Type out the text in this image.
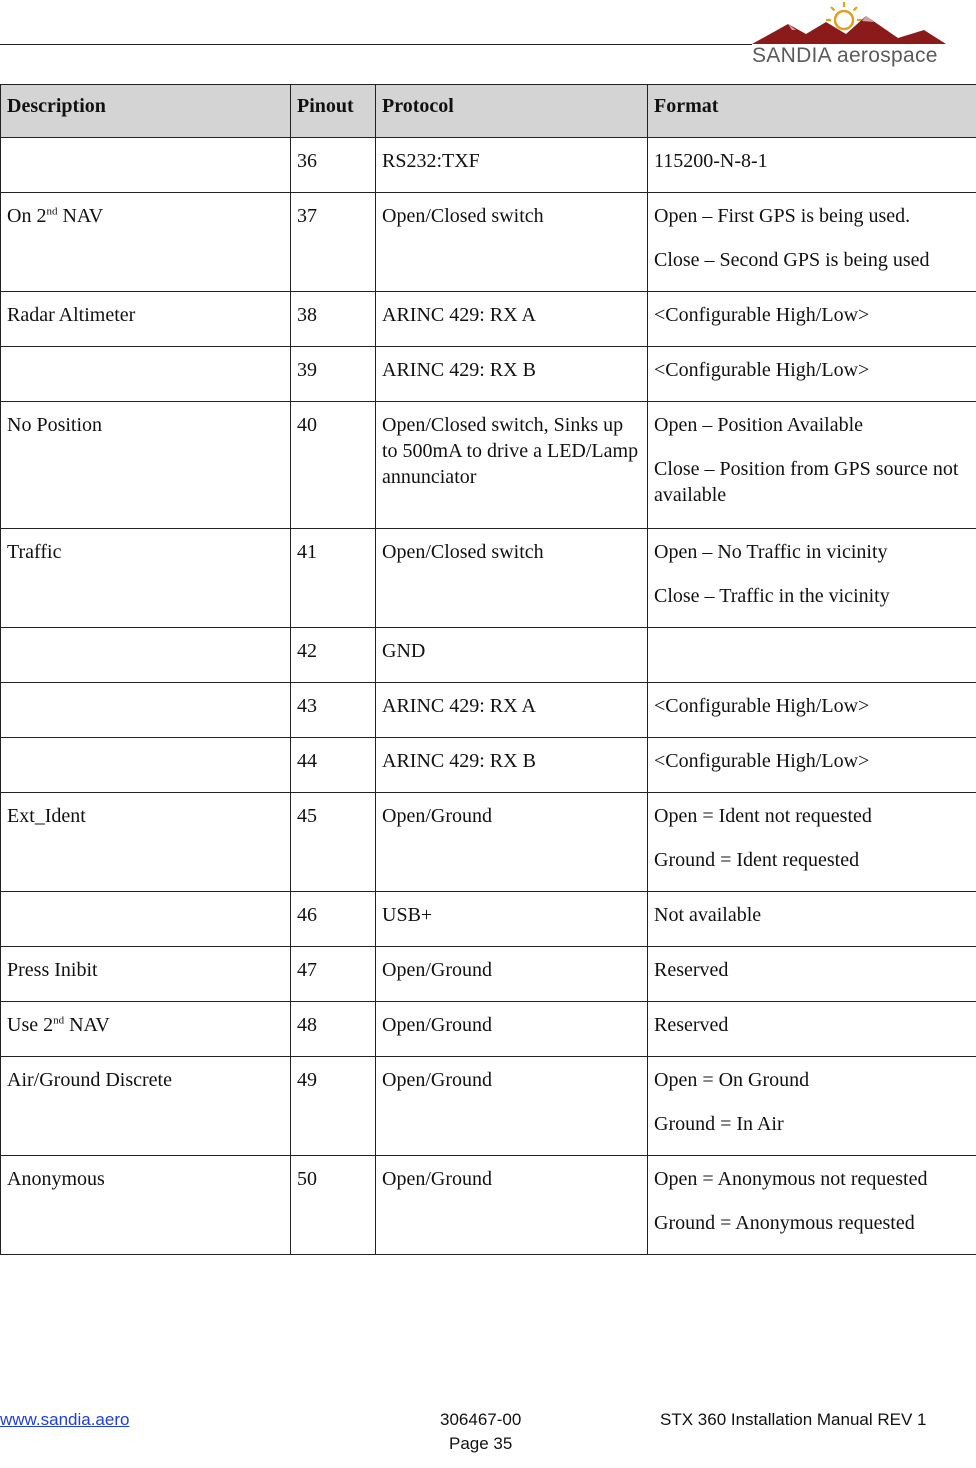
SANDIA aerospace
Description	Pinout	Protocol	Format
	36	RS232:TXF	115200-N-8-1
On 2nd NAV	37	Open/Closed switch	Open – First GPS is being used.
Close – Second GPS is being used

Radar Altimeter	38	ARINC 429: RX A	<Configurable High/Low>
	39	ARINC 429: RX B	<Configurable High/Low>
No Position	40	Open/Closed switch, Sinks up to 500mA to drive a LED/Lamp annunciator	Open – Position Available
Close – Position from GPS source not available

Traffic	41	Open/Closed switch	Open – No Traffic in vicinity
Close – Traffic in the vicinity

	42	GND	
	43	ARINC 429: RX A	<Configurable High/Low>
	44	ARINC 429: RX B	<Configurable High/Low>
Ext_Ident	45	Open/Ground	Open = Ident not requested
Ground = Ident requested

	46	USB+	Not available
Press Inibit	47	Open/Ground	Reserved
Use 2nd NAV	48	Open/Ground	Reserved
Air/Ground Discrete	49	Open/Ground	Open = On Ground
Ground = In Air

Anonymous	50	Open/Ground	Open = Anonymous not requested
Ground = Anonymous requested
www.sandia.aero	306467-00	STX 360 Installation Manual REV 1
Page 35
